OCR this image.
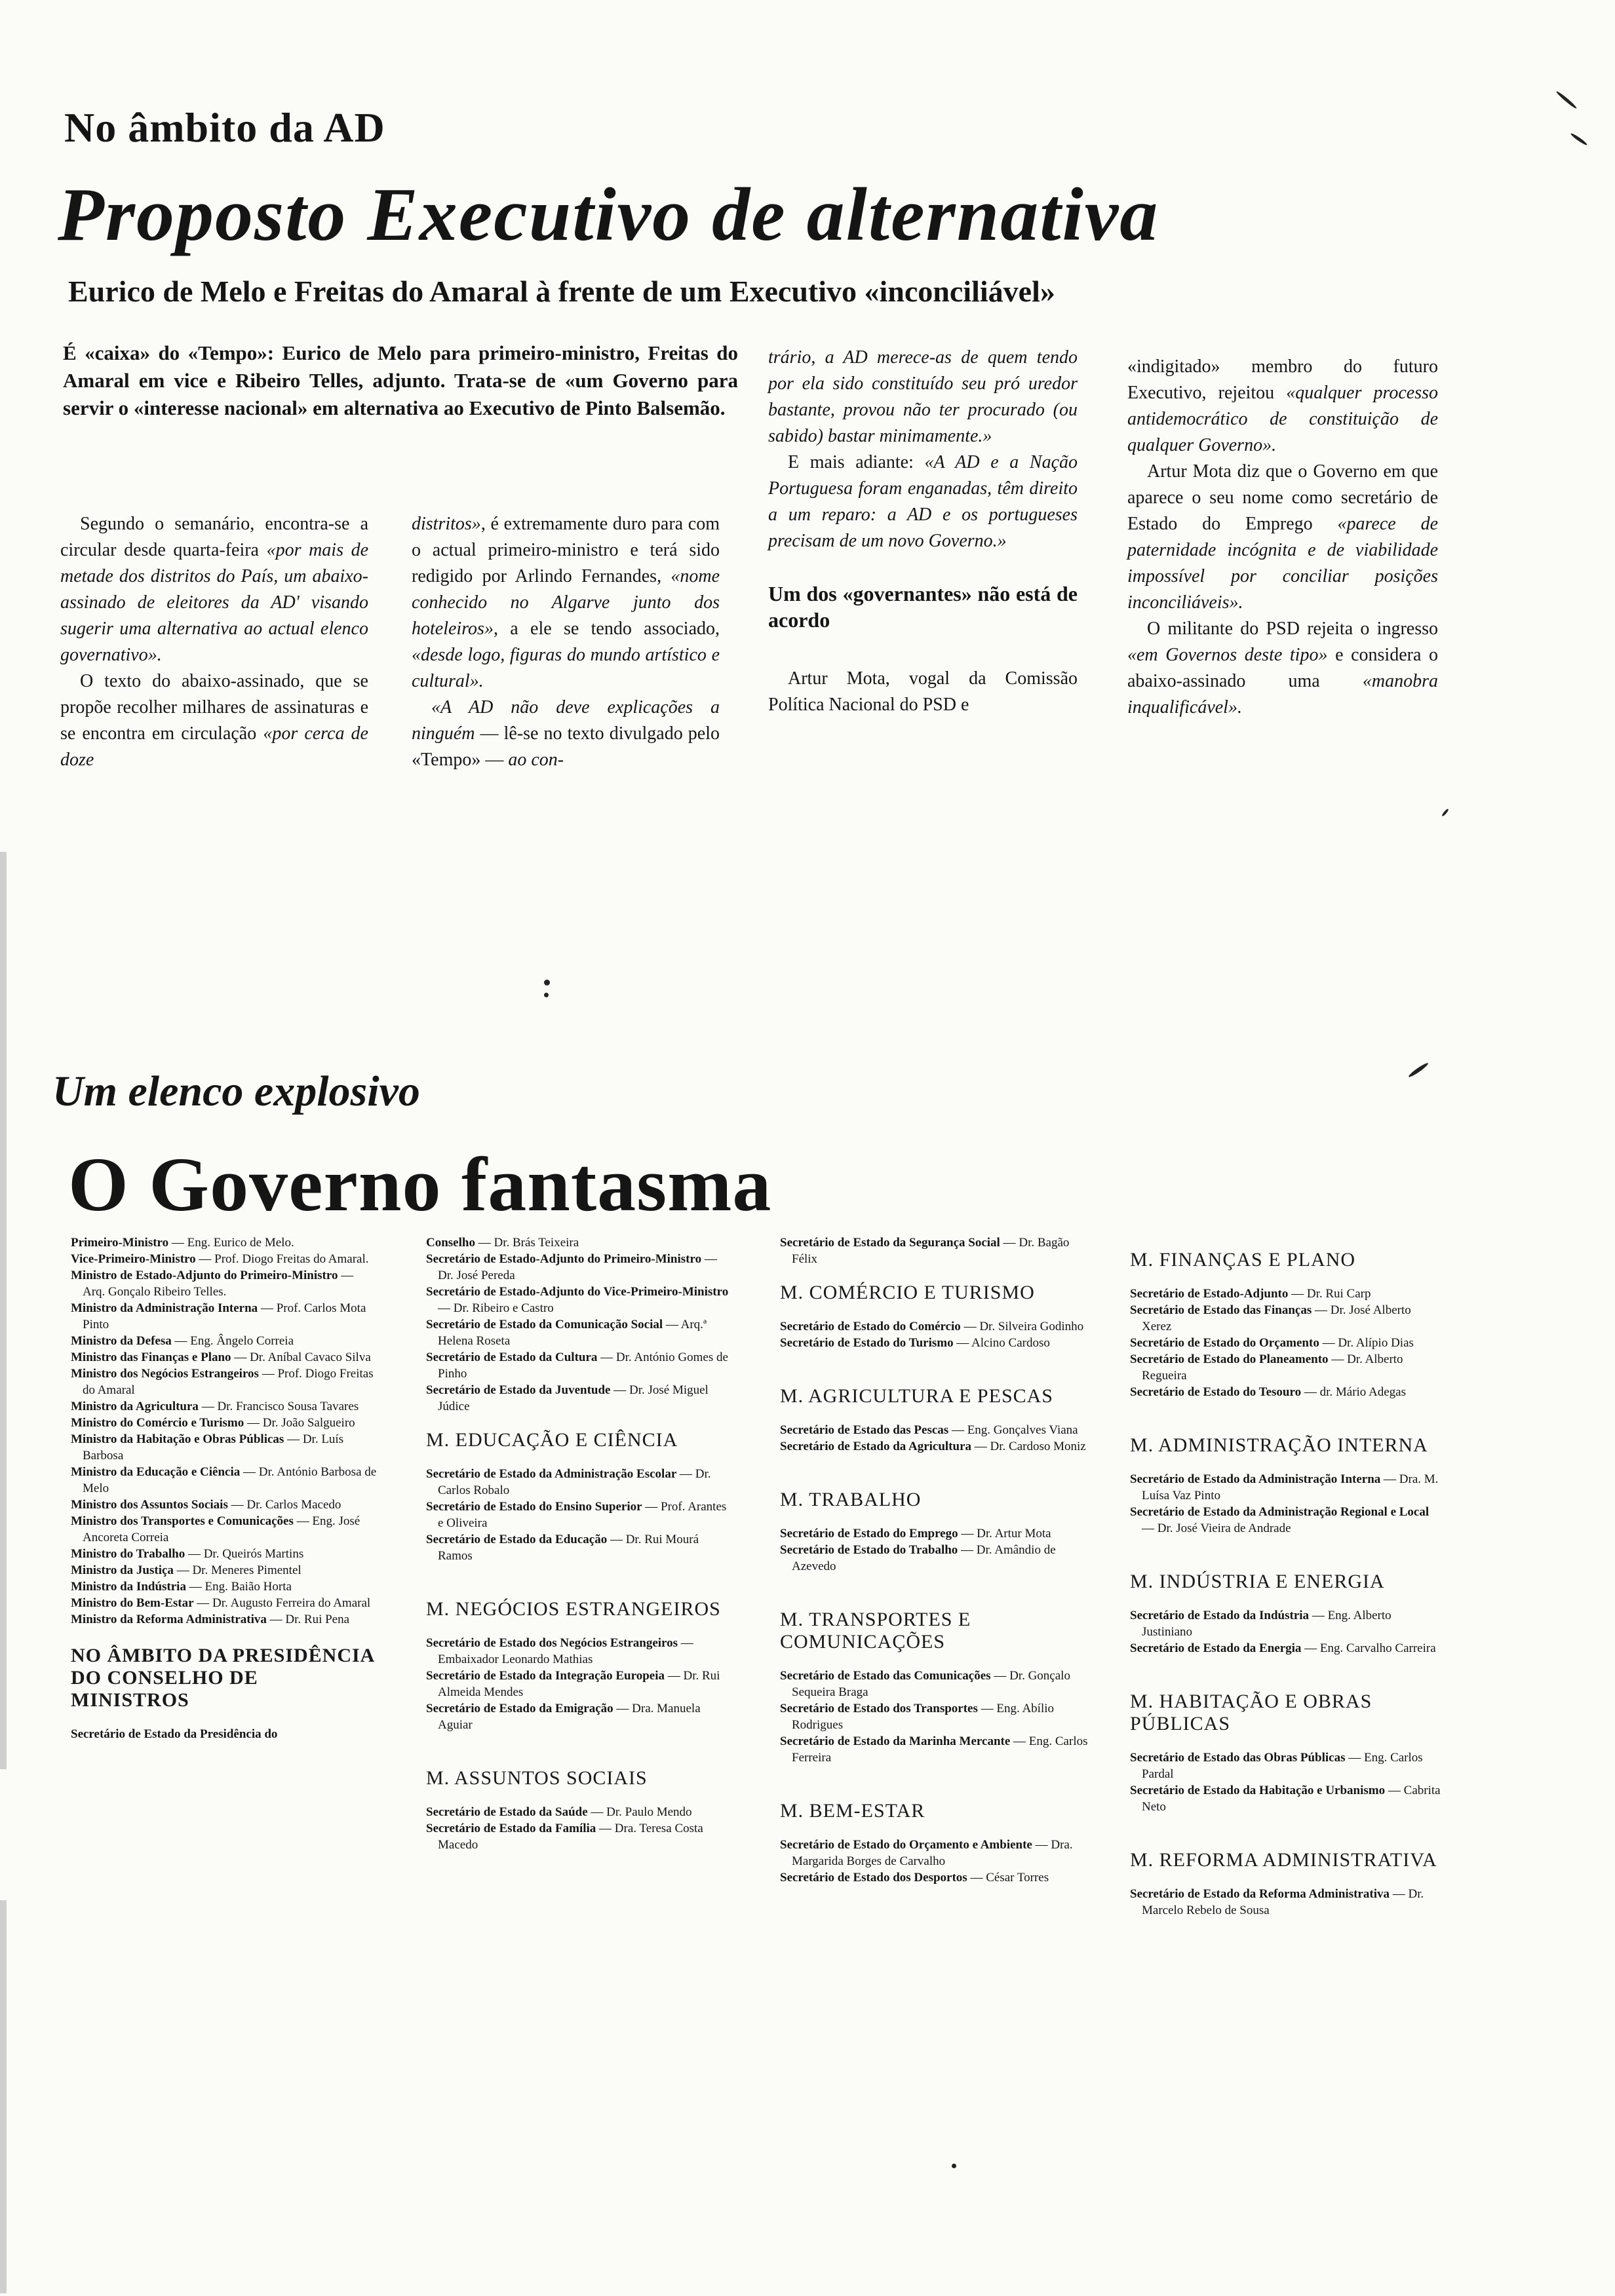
No âmbito da AD
Proposto Executivo de alternativa
Eurico de Melo e Freitas do Amaral à frente de um Executivo «inconciliável»

É «caixa» do «Tempo»: Eurico de Melo para primeiro-ministro, Freitas do Amaral em vice e Ribeiro Telles, adjunto. Trata-se de «um Governo para servir o «interesse nacional» em alternativa ao Executivo de Pinto Balsemão.

Segundo o semanário, encontra-se a circular desde quarta-feira «por mais de metade dos distritos do País, um abaixo-assinado de eleitores da AD' visando sugerir uma alternativa ao actual elenco governativo».

O texto do abaixo-assinado, que se propõe recolher milhares de assinaturas e se encontra em circulação «por cerca de doze

distritos», é extremamente duro para com o actual primeiro-ministro e terá sido redigido por Arlindo Fernandes, «nome conhecido no Algarve junto dos hoteleiros», a ele se tendo associado, «desde logo, figuras do mundo artístico e cultural».

«A AD não deve explicações a ninguém — lê-se no texto divulgado pelo «Tempo» — ao con-

trário, a AD merece-as de quem tendo por ela sido constituído seu pró uredor bastante, provou não ter procurado (ou sabido) bastar minimamente.»

E mais adiante: «A AD e a Nação Portuguesa foram enganadas, têm direito a um reparo: a AD e os portugueses precisam de um novo Governo.»

Um dos «governantes» não está de acordo

Artur Mota, vogal da Comissão Política Nacional do PSD e

«indigitado» membro do futuro Executivo, rejeitou «qualquer processo antidemocrático de constituição de qualquer Governo».

Artur Mota diz que o Governo em que aparece o seu nome como secretário de Estado do Emprego «parece de paternidade incógnita e de viabilidade impossível por conciliar posições inconciliáveis».

O militante do PSD rejeita o ingresso «em Governos deste tipo» e considera o abaixo-assinado uma «manobra inqualificável».

Um elenco explosivo
O Governo fantasma

Primeiro-Ministro — Eng. Eurico de Melo.

Vice-Primeiro-Ministro — Prof. Diogo Freitas do Amaral.

Ministro de Estado-Adjunto do Primeiro-Ministro — Arq. Gonçalo Ribeiro Telles.

Ministro da Administração Interna — Prof. Carlos Mota Pinto

Ministro da Defesa — Eng. Ângelo Correia

Ministro das Finanças e Plano — Dr. Aníbal Cavaco Silva

Ministro dos Negócios Estrangeiros — Prof. Diogo Freitas do Amaral

Ministro da Agricultura — Dr. Francisco Sousa Tavares

Ministro do Comércio e Turismo — Dr. João Salgueiro

Ministro da Habitação e Obras Públicas — Dr. Luís Barbosa

Ministro da Educação e Ciência — Dr. António Barbosa de Melo

Ministro dos Assuntos Sociais — Dr. Carlos Macedo

Ministro dos Transportes e Comunicações — Eng. José Ancoreta Correia

Ministro do Trabalho — Dr. Queirós Martins

Ministro da Justiça — Dr. Meneres Pimentel

Ministro da Indústria — Eng. Baião Horta

Ministro do Bem-Estar — Dr. Augusto Ferreira do Amaral

Ministro da Reforma Administrativa — Dr. Rui Pena

NO ÂMBITO DA PRESIDÊNCIA DO CONSELHO DE MINISTROS

Secretário de Estado da Presidência do

Conselho — Dr. Brás Teixeira

Secretário de Estado-Adjunto do Primeiro-Ministro — Dr. José Pereda

Secretário de Estado-Adjunto do Vice-Primeiro-Ministro — Dr. Ribeiro e Castro

Secretário de Estado da Comunicação Social — Arq.ª Helena Roseta

Secretário de Estado da Cultura — Dr. António Gomes de Pinho

Secretário de Estado da Juventude — Dr. José Miguel Júdice

M. EDUCAÇÃO E CIÊNCIA

Secretário de Estado da Administração Escolar — Dr. Carlos Robalo

Secretário de Estado do Ensino Superior — Prof. Arantes e Oliveira

Secretário de Estado da Educação — Dr. Rui Mourá Ramos

M. NEGÓCIOS ESTRANGEIROS

Secretário de Estado dos Negócios Estrangeiros — Embaixador Leonardo Mathias

Secretário de Estado da Integração Europeia — Dr. Rui Almeida Mendes

Secretário de Estado da Emigração — Dra. Manuela Aguiar

M. ASSUNTOS SOCIAIS

Secretário de Estado da Saúde — Dr. Paulo Mendo

Secretário de Estado da Família — Dra. Teresa Costa Macedo

Secretário de Estado da Segurança Social — Dr. Bagão Félix

M. COMÉRCIO E TURISMO

Secretário de Estado do Comércio — Dr. Silveira Godinho

Secretário de Estado do Turismo — Alcino Cardoso

M. AGRICULTURA E PESCAS

Secretário de Estado das Pescas — Eng. Gonçalves Viana

Secretário de Estado da Agricultura — Dr. Cardoso Moniz

M. TRABALHO

Secretário de Estado do Emprego — Dr. Artur Mota

Secretário de Estado do Trabalho — Dr. Amândio de Azevedo

M. TRANSPORTES E COMUNICAÇÕES

Secretário de Estado das Comunicações — Dr. Gonçalo Sequeira Braga

Secretário de Estado dos Transportes — Eng. Abílio Rodrigues

Secretário de Estado da Marinha Mercante — Eng. Carlos Ferreira

M. BEM-ESTAR

Secretário de Estado do Orçamento e Ambiente — Dra. Margarida Borges de Carvalho

Secretário de Estado dos Desportos — César Torres

M. FINANÇAS E PLANO

Secretário de Estado-Adjunto — Dr. Rui Carp

Secretário de Estado das Finanças — Dr. José Alberto Xerez

Secretário de Estado do Orçamento — Dr. Alípio Dias

Secretário de Estado do Planeamento — Dr. Alberto Regueira

Secretário de Estado do Tesouro — dr. Mário Adegas

M. ADMINISTRAÇÃO INTERNA

Secretário de Estado da Administração Interna — Dra. M. Luísa Vaz Pinto

Secretário de Estado da Administração Regional e Local — Dr. José Vieira de Andrade

M. INDÚSTRIA E ENERGIA

Secretário de Estado da Indústria — Eng. Alberto Justiniano

Secretário de Estado da Energia — Eng. Carvalho Carreira

M. HABITAÇÃO E OBRAS PÚBLICAS

Secretário de Estado das Obras Públicas — Eng. Carlos Pardal

Secretário de Estado da Habitação e Urbanismo — Cabrita Neto

M. REFORMA ADMINISTRATIVA

Secretário de Estado da Reforma Administrativa — Dr. Marcelo Rebelo de Sousa
